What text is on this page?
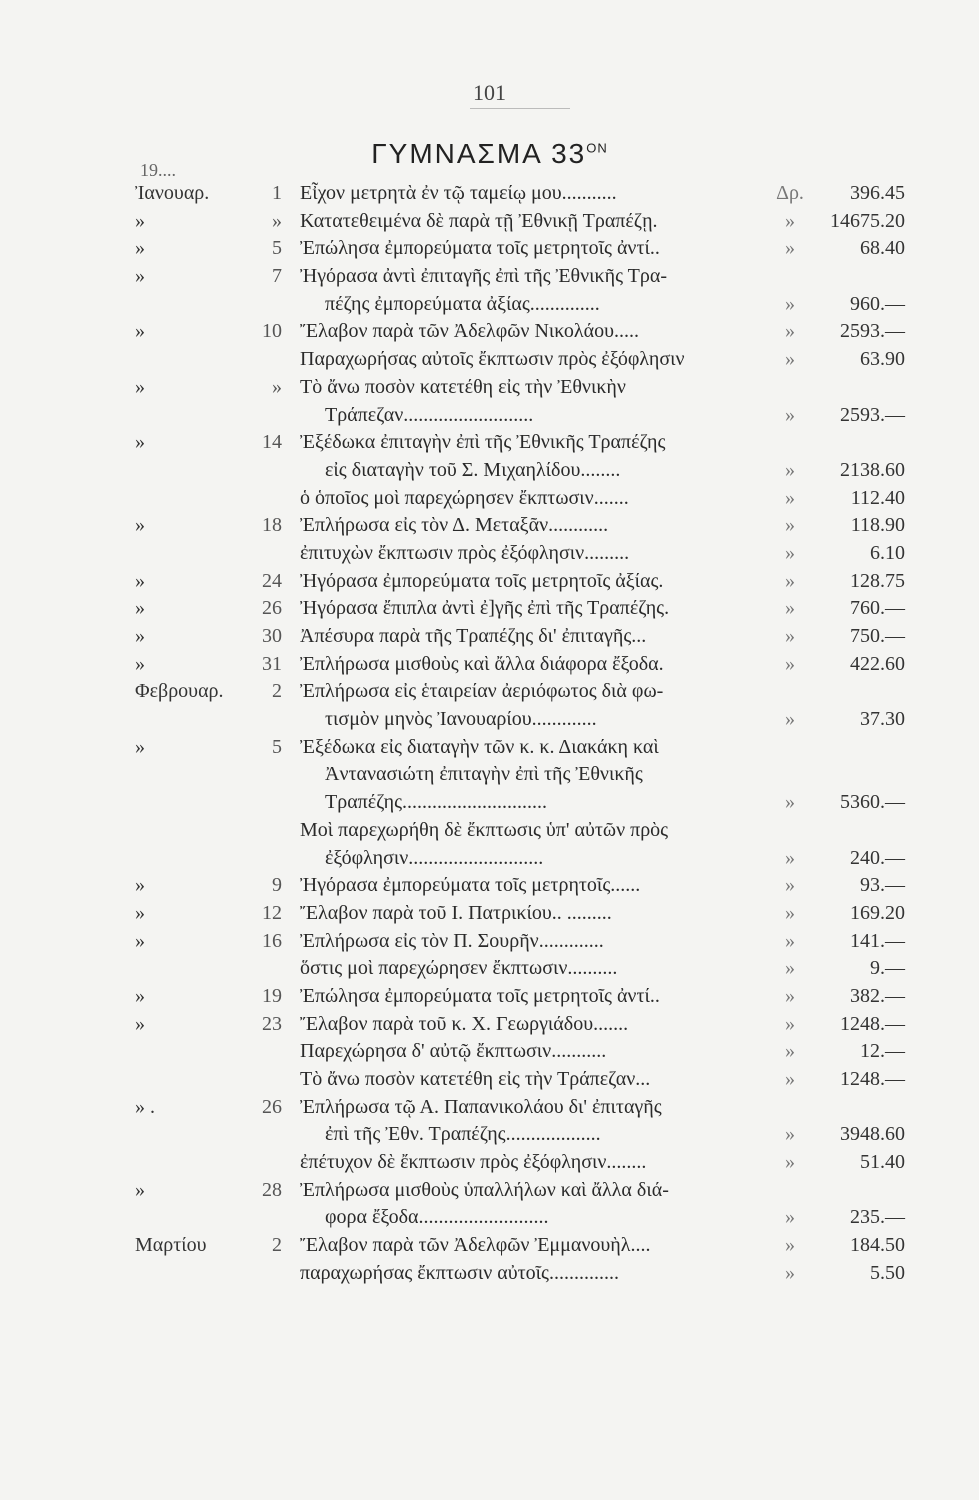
101
ΓΥΜΝΑΣΜΑ $33^{ON}$
19....
Ἰανουαρ.	1 Εἶχον μετρητὰ ἐν τῷ ταμείῳ μου...........	Δρ.	396.45
»	» Κατατεθειμένα δὲ παρὰ τῇ Ἐθνικῇ Τραπέζῃ.	»	14675.20
»	5 Ἐπώλησα ἐμπορεύματα τοῖς μετρητοῖς ἀντί..	»	68.40
»	7 Ἠγόρασα ἀντὶ ἐπιταγῆς ἐπὶ τῆς Ἐθνικῆς Τρα-
πέζης ἐμπορεύματα ἀξίας..............	»	960.—
»	10 Ἔλαβον παρὰ τῶν Ἀδελφῶν Νικολάου.....	»	2593.—
Παραχωρήσας αὐτοῖς ἔκπτωσιν πρὸς ἐξόφλησιν	»	63.90
»	» Τὸ ἄνω ποσὸν κατετέθη εἰς τὴν Ἐθνικὴν
Τράπεζαν..........................	»	2593.—
»	14 Ἐξέδωκα ἐπιταγὴν ἐπὶ τῆς Ἐθνικῆς Τραπέζης
εἰς διαταγὴν τοῦ Σ. Μιχαηλίδου........	»	2138.60
ὁ ὁποῖος μοὶ παρεχώρησεν ἔκπτωσιν.......	»	112.40
»	18 Ἐπλήρωσα εἰς τὸν Δ. Μεταξᾶν............	»	118.90
ἐπιτυχὼν ἔκπτωσιν πρὸς ἐξόφλησιν.........	»	6.10
»	24 Ἠγόρασα ἐμπορεύματα τοῖς μετρητοῖς ἀξίας.	»	128.75
»	26 Ἠγόρασα ἔπιπλα ἀντὶ ἐ]γῆς ἐπὶ τῆς Τραπέζης.	»	760.—
»	30 Ἀπέσυρα παρὰ τῆς Τραπέζης δι' ἐπιταγῆς...	»	750.—
»	31 Ἐπλήρωσα μισθοὺς καὶ ἄλλα διάφορα ἔξοδα.	»	422.60
Φεβρουαρ.	2 Ἐπλήρωσα εἰς ἑταιρείαν ἀεριόφωτος διὰ φω-
τισμὸν μηνὸς Ἰανουαρίου.............	»	37.30
»	5 Ἐξέδωκα εἰς διαταγὴν τῶν κ. κ. Διακάκη καὶ
Ἀντανασιώτη ἐπιταγὴν ἐπὶ τῆς Ἐθνικῆς
Τραπέζης.............................	»	5360.—
Μοὶ παρεχωρήθη δὲ ἔκπτωσις ὑπ' αὐτῶν πρὸς
ἐξόφλησιν...........................	»	240.—
»	9 Ἠγόρασα ἐμπορεύματα τοῖς μετρητοῖς......	»	93.—
»	12 Ἔλαβον παρὰ τοῦ Ι. Πατρικίου.. .........	»	169.20
»	16 Ἐπλήρωσα εἰς τὸν Π. Σουρῆν.............	»	141.—
ὅστις μοὶ παρεχώρησεν ἔκπτωσιν..........	»	9.—
»	19 Ἐπώλησα ἐμπορεύματα τοῖς μετρητοῖς ἀντί..	»	382.—
»	23 Ἔλαβον παρὰ τοῦ κ. Χ. Γεωργιάδου.......	»	1248.—
Παρεχώρησα δ' αὐτῷ ἔκπτωσιν...........	»	12.—
Τὸ ἄνω ποσὸν κατετέθη εἰς τὴν Τράπεζαν...	»	1248.—
» .	26 Ἐπλήρωσα τῷ Α. Παπανικολάου δι' ἐπιταγῆς
ἐπὶ τῆς Ἐθν. Τραπέζης...................	»	3948.60
ἐπέτυχον δὲ ἔκπτωσιν πρὸς ἐξόφλησιν........	»	51.40
»	28 Ἐπλήρωσα μισθοὺς ὑπαλλήλων καὶ ἄλλα διά-
φορα ἔξοδα..........................	»	235.—
Μαρτίου	2 Ἔλαβον παρὰ τῶν Ἀδελφῶν Ἐμμανουὴλ....	»	184.50
παραχωρήσας ἔκπτωσιν αὐτοῖς..............	»	5.50
